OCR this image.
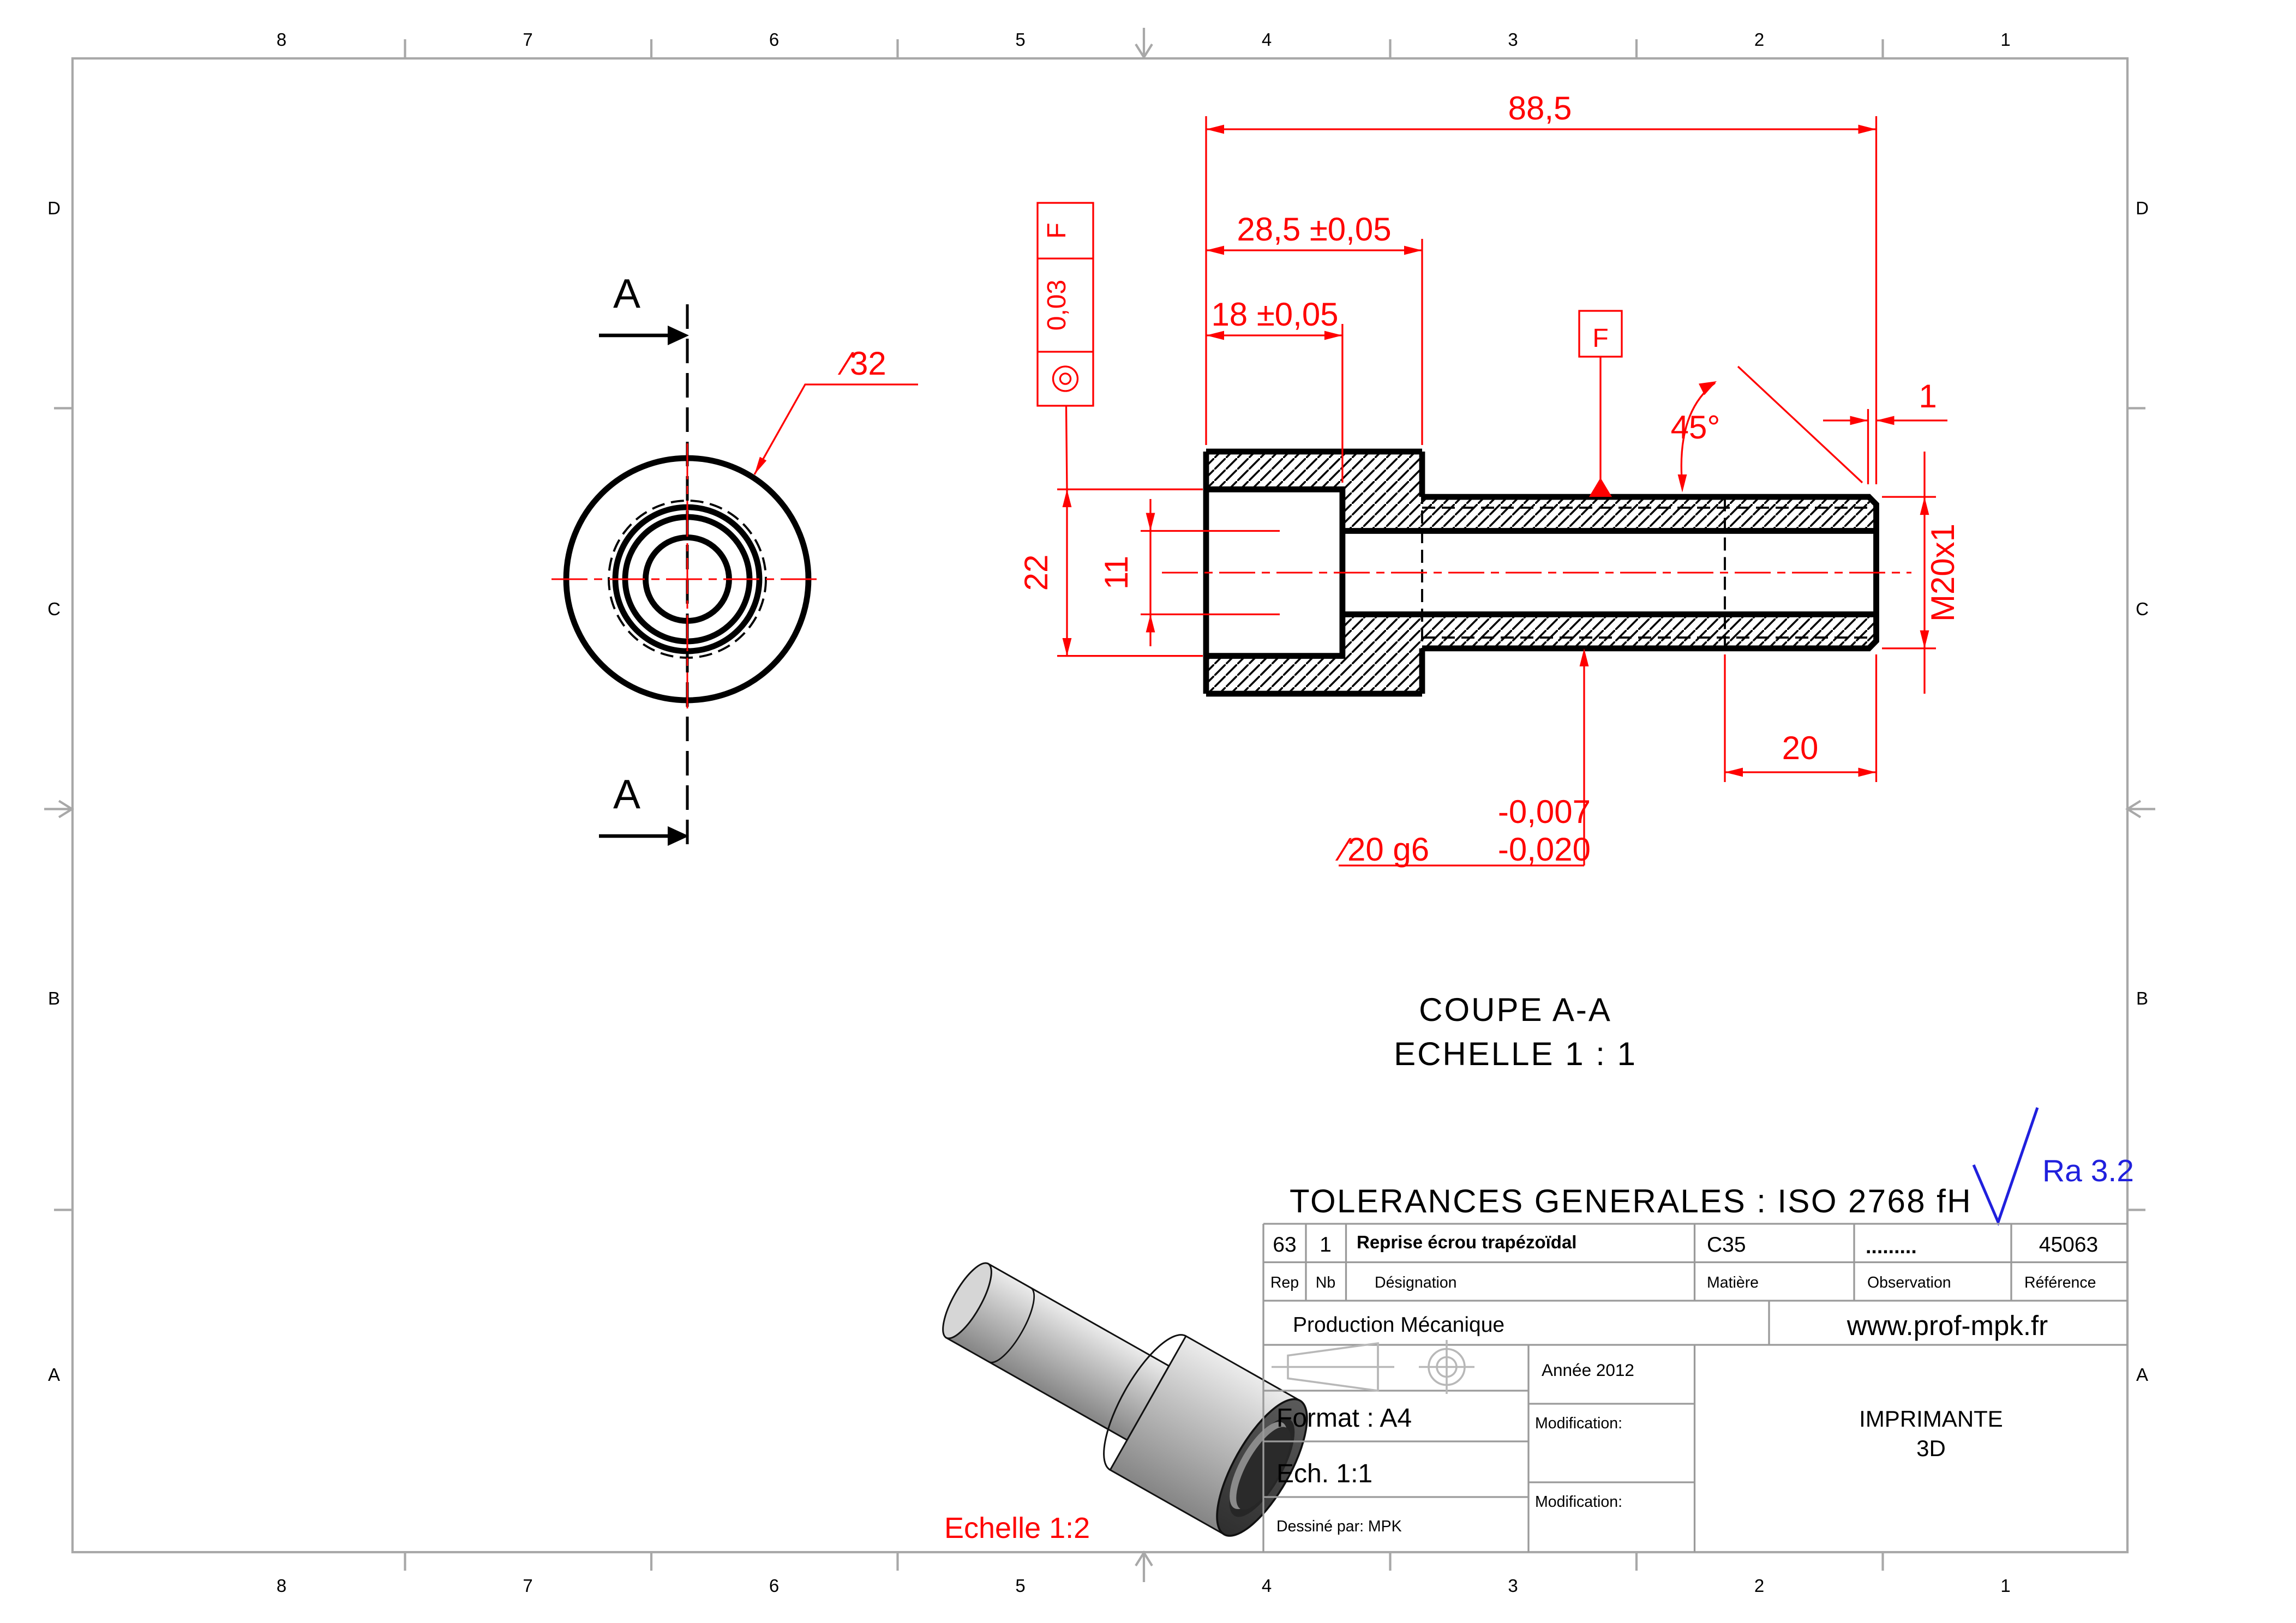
8	7	6	5	4	3	2	1
8	7	6	5	4	3	2	1
D
C
B
A
D
C
B
A
A
A
∕32
88,5
28,5 ±0,05
18 ±0,05
22	11
20
M20x1
1
45°
-0,007
∕20 g6	-0,020
F
0,03
F
COUPE A-A
ECHELLE 1 : 1
TOLERANCES GENERALES : ISO 2768 fH
Ra 3.2
Echelle 1:2
63	1	Reprise écrou trapézoïdal	C35	.........	45063
Rep	Nb	Désignation	Matière	Observation	Référence
Production Mécanique	www.prof-mpk.fr
Format : A4
Ech. 1:1
Dessiné par: MPK
Année 2012
Modification:
Modification:
IMPRIMANTE
3D
